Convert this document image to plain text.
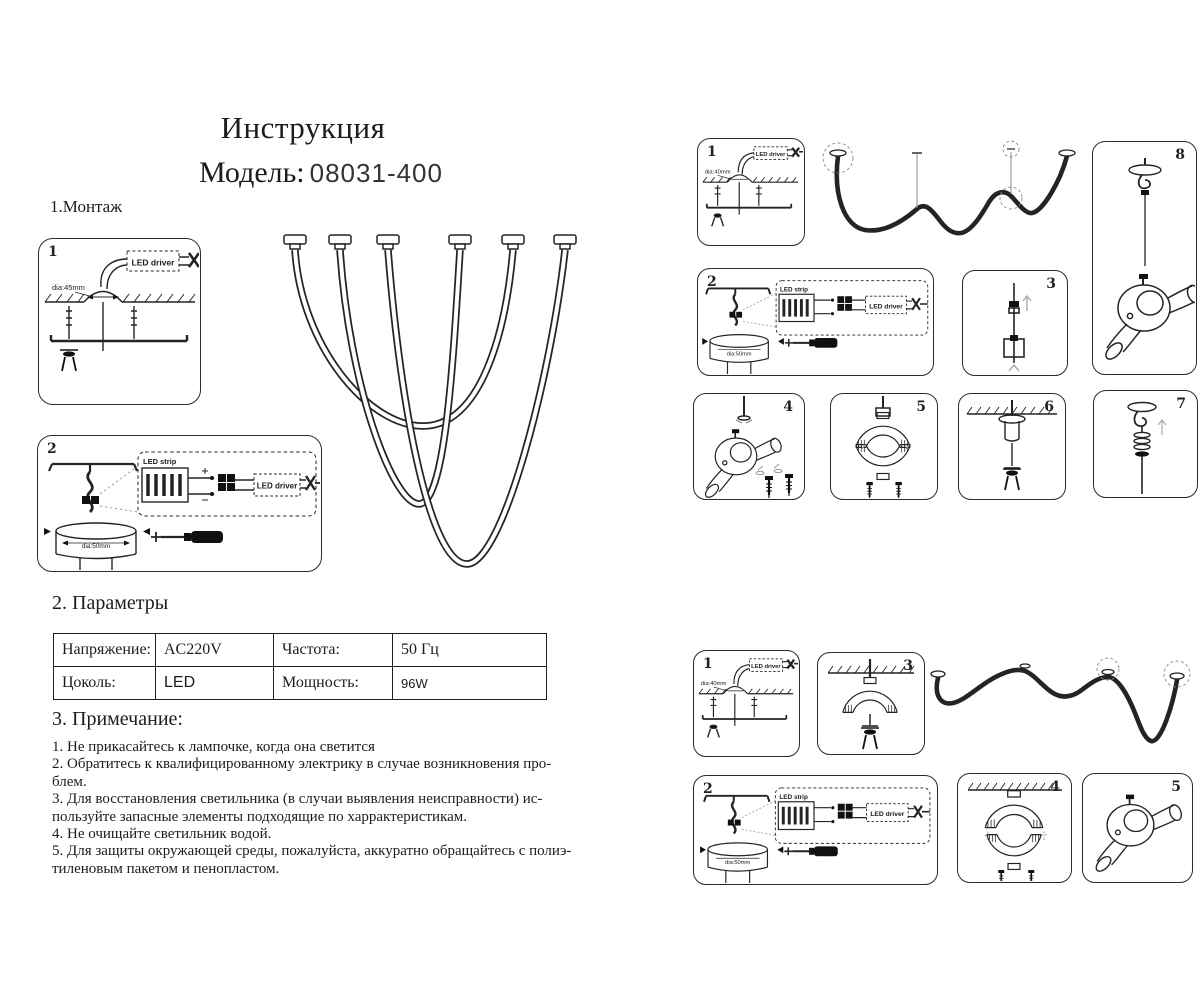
Инструкция
Модель: 08031-400
1.Монтаж
1
dia:45mm
LED driver
2
LED strip
LED driver
dia:50mm
2. Параметры
Напряжение:	AC220V	Частота:	50 Гц
Цоколь:	LED	Мощность:	96W
3. Примечание:
1. Не прикасайтесь к лампочке, когда она светится
2. Обратитесь к квалифицированному электрику в случае возникновения про-
блем.
3. Для восстановления светильника (в случаи выявления неисправности) ис-
пользуйте запасные элементы подходящие по харрактеристикам.
4. Не очищайте светильник водой.
5. Для защиты окружающей среды, пожалуйста, аккуратно обращайтесь с полиэ-
тиленовым пакетом и пенопластом.
1	8
2	3
4	5	6	7
1	3
2	4	5
